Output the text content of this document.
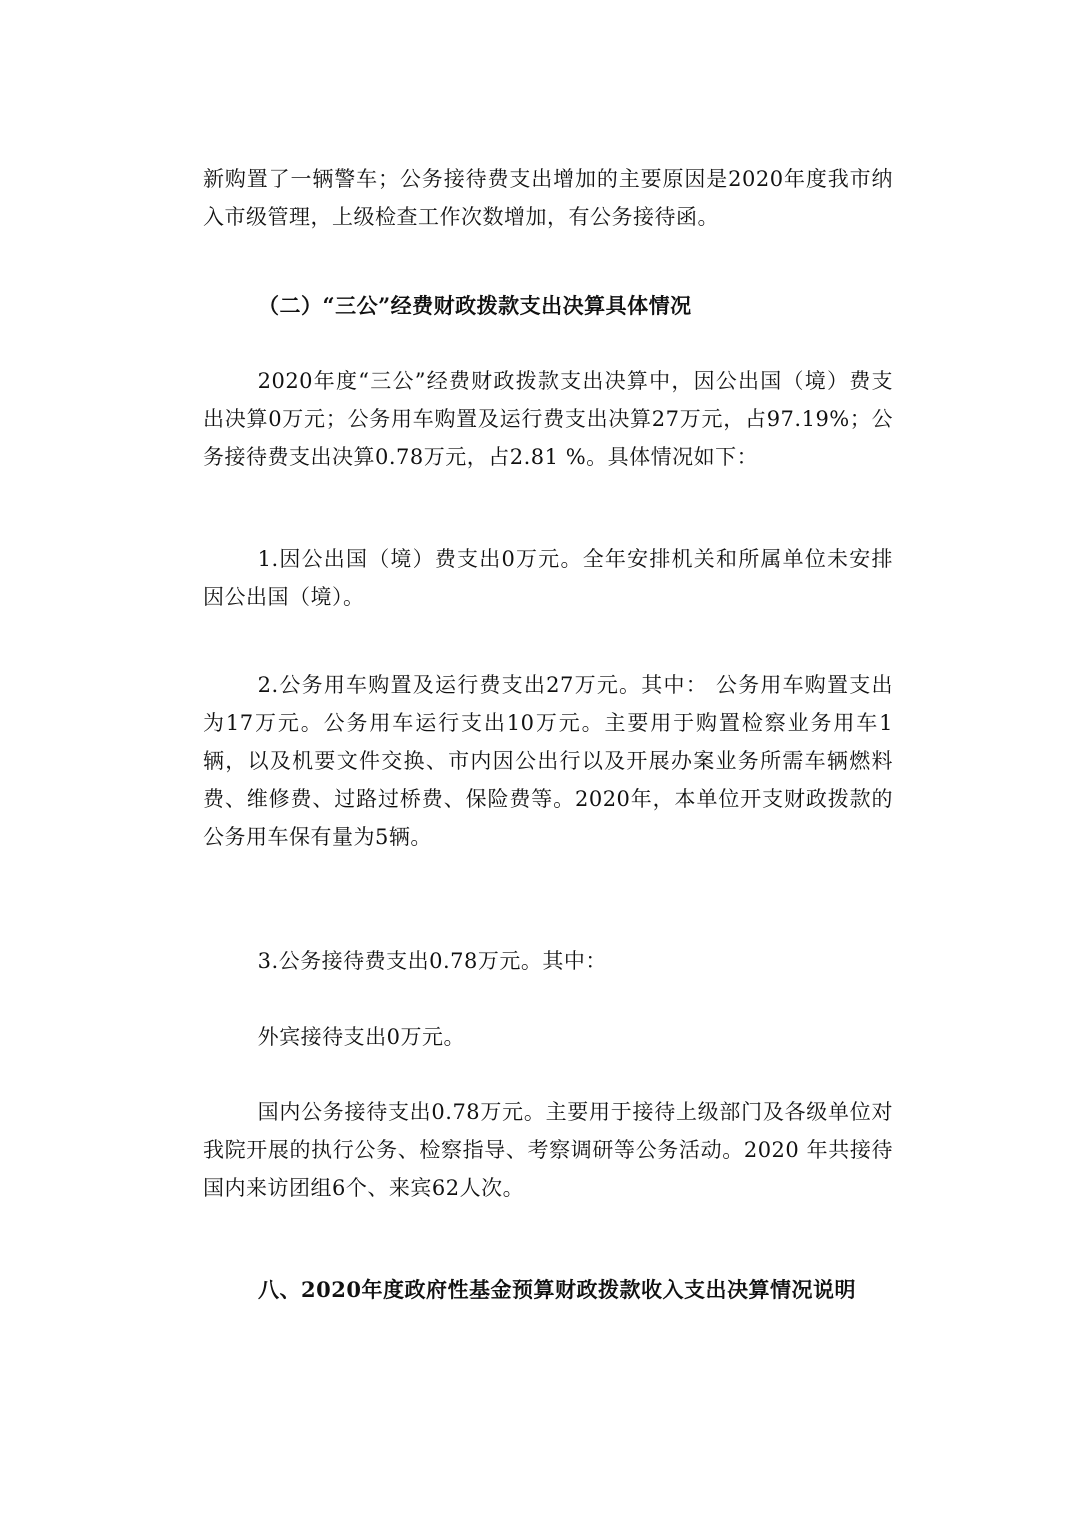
新购置了一辆警车；公务接待费支出增加的主要原因是2020年度我市纳入市级管理，上级检查工作次数增加，有公务接待函。

（二）“三公”经费财政拨款支出决算具体情况

2020年度“三公”经费财政拨款支出决算中，因公出国（境）费支出决算0万元；公务用车购置及运行费支出决算27万元，占97.19%；公务接待费支出决算0.78万元，占2.81 %。具体情况如下：

1.因公出国（境）费支出0万元。全年安排机关和所属单位未安排因公出国（境）。

2.公务用车购置及运行费支出27万元。其中： 公务用车购置支出为17万元。公务用车运行支出10万元。主要用于购置检察业务用车1辆，以及机要文件交换、市内因公出行以及开展办案业务所需车辆燃料费、维修费、过路过桥费、保险费等。2020年，本单位开支财政拨款的公务用车保有量为5辆。

3.公务接待费支出0.78万元。其中：

外宾接待支出0万元。

国内公务接待支出0.78万元。主要用于接待上级部门及各级单位对我院开展的执行公务、检察指导、考察调研等公务活动。2020 年共接待国内来访团组6个、来宾62人次。

八、2020年度政府性基金预算财政拨款收入支出决算情况说明
